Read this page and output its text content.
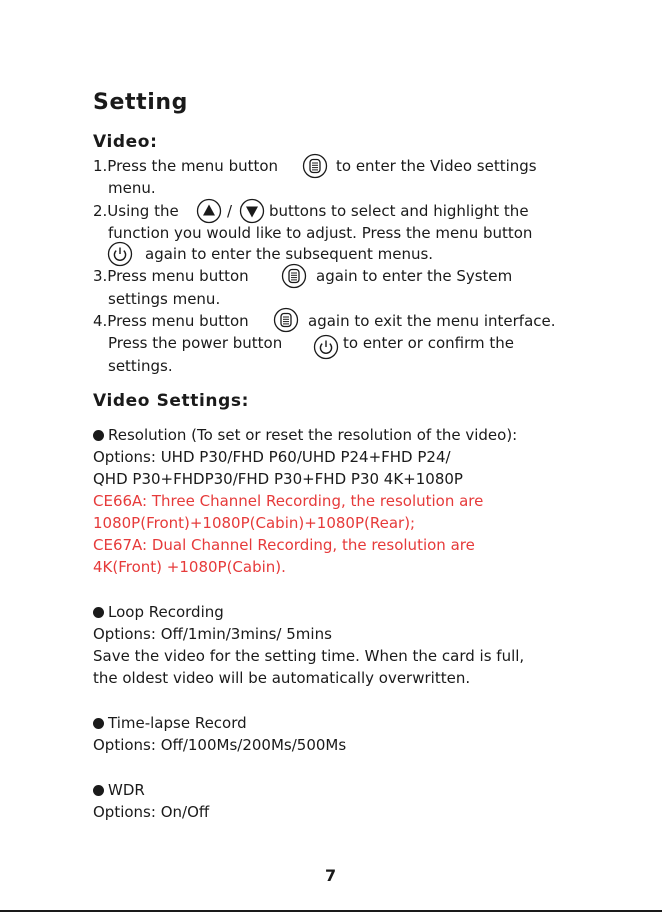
Setting
Video:
1.Press the menu button	to enter the Video settings
menu.
2.Using the	/ buttons to select and highlight the
function you would like to adjust. Press the menu button
again to enter the subsequent menus.
3.Press menu button	again to enter the System
settings menu.
4.Press menu button	again to exit the menu interface.
Press the power button	to enter or confirm the
settings.
Video Settings:
Resolution (To set or reset the resolution of the video):
Options: UHD P30/FHD P60/UHD P24+FHD P24/
QHD P30+FHDP30/FHD P30+FHD P30 4K+1080P
CE66A: Three Channel Recording, the resolution are
1080P(Front)+1080P(Cabin)+1080P(Rear);
CE67A: Dual Channel Recording, the resolution are
4K(Front) +1080P(Cabin).
Loop Recording
Options: Off/1min/3mins/ 5mins
Save the video for the setting time. When the card is full,
the oldest video will be automatically overwritten.
Time-lapse Record
Options: Off/100Ms/200Ms/500Ms
WDR
Options: On/Off
7
